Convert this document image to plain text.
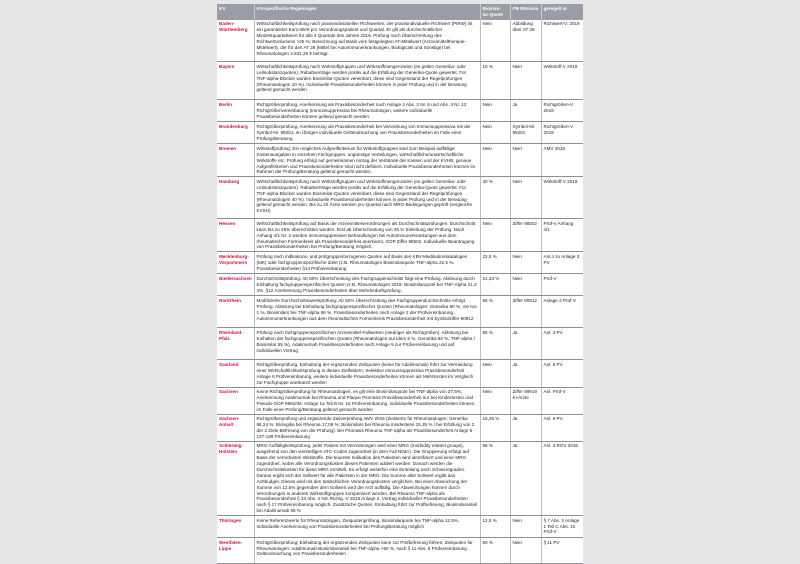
KV	KV-spezifische Regelungen	Biosimi-lar-Quote	PB Rheuma	geregelt in
Baden-Württemberg	Wirtschaftlichkeitsprüfung nach praxisindividuellen Richtwerten, der praxisindividuelle Richtwert (PIRW) ist ein garantierter Euro-Wert pro Verordnungspatient und Quartal. Er gilt als durchschnittlicher Mindestquartalswert für alle 4 Quartale des Jahres 2019. Prüfung nach Überschreitung des Richtwertvolumens >25 %; Berechnung auf Basis vom festgelegten AT-Mittelwert (Arzneimitteltherapie-Mittelwert), der für den AT 28 (Mittel bei Autoimmunerkrankungen, Biologicals und Sonstige) bei Rheumatologen 4.931,25 € beträgt.	Nein	Abbildung über AT 28	Richtwert-V. 2019
Bayern	Wirtschaftlichkeitsprüfung nach Wirkstoffgruppen und Wirkstoffmengenzielen (es gelten Generika- oder Leitsubstanzquoten). Rabattverträge werden positiv auf die Erfüllung der Generika-Quote gewertet. Für TNF-alpha-Blocker wurden Biosimilar-Quoten vereinbart, diese sind Gegenstand der Regelprüfungen (Rheumatologen 10 %). Individuelle Praxisbesonderheiten können in jeder Prüfung und in der Beratung geltend gemacht werden	10 %	Nein	Wirkstoff-V 2019
Berlin	Richtgrößenprüfung, Anerkennung als Praxisbesonderheit nach Anlage 2 Abs. 2 Nr. 6 und Abs. 3 Nr. 12 Richtgrößenvereinbarung (Immunsuppressiva bei Rheumatologen, weitere individuelle Praxisbesonderheiten können geltend gemacht werden	Nein	Ja	Richtgrößen-V 2019
Brandenburg	Richtgrößenprüfung, Anerkennung als Praxisbesonderheit bei Verordnung von Immunsuppressiva mit der Symbol-Nr. 99201, im Übrigen individuelle Geltendmachung von Praxisbesonderheiten im Falle einer Prüfung/Beratung	Nein	Symbol-Nr. 99201	Richtgrößen-V 2019
Bremen	Wirkstoffprüfung: Ein mögliches Aufgreifkriterium für Wirkstoffgruppen sind zum Beispiel auffällige Kostenausgaben in einzelnen Fachgruppen, ungünstige Verteilungen, wirtschaftliche/unwirtschaftliche Wirkstoffe etc. Prüfung erfolgt auf gemeinsamen Antrag der Verbände der Kassen und der KVHB, genaue Aufgreifkriterien und Praxisbesonderheiten sind nicht definiert. Individuelle Praxisbesonderheiten können im Rahmen der Prüfung/Beratung geltend gemacht werden.	Nein	Nein	AMV 2019
Hamburg	Wirtschaftlichkeitsprüfung nach Wirkstoffgruppen und Wirkstoffmengenzielen (es gelten Generika- oder Leitsubstanzquoten). Rabattverträge werden positiv auf die Erfüllung der Generika-Quote gewertet. Für TNF-alpha-Blocker wurden Biosimilar-Quoten vereinbart, diese sind Gegenstand der Regelprüfungen (Rheumatologen 40 %). Individuelle Praxisbesonderheiten können in jeder Prüfung und in der Beratung geltend gemacht werden. Bis zu 20 Ärzte werden pro Quartal nach MRG-Bedingungen geprüft (vergleiche KVSH)	40 %	Nein	Wirkstoff-V 2019
Hessen	Wirtschaftlichkeitsprüfung auf Basis der Arzneimittelverordnungen als Durchschnittsprüfungen. Durchschnitt kann bis zu 45% überschritten werden. Erst ab Überschreitung von 45 % Einleitung der Prüfung. Nach Anhang 4/1 Nr. 2 werden immunsuppressive Behandlungen bei Autoimmunerkrankungen aus dem rheumatischen Formenkreis als Praxisbesonderheit anerkannt, GOP Ziffer 98502. Individuelle Beantragung von Praxisbesonderheiten bei Prüfung/Beratung möglich	Nein	Ziffer 98502	Prüf-V Anhang 4/1
Mecklenburg-Vorpommern	Prüfung nach indikations- und prüfgruppenbezogenen Quoten auf Basis des KBV-Medikationskataloges (MK) oder fachgruppenspezifische Ziele (z.B. Rheumatologen Biosimilarquote TNF-alpha 22,5 %. Praxisbesonderheiten §14 Prüfvereinbarung	22,5 %	Nein	Anl.4 zu Anlage 3 PV
Niedersachsen	Durchschnittsprüfung: Ab 50% Überschreitung des Fachgruppenschnitts folgt eine Prüfung. Ablösung durch Einhaltung fachgruppenspezifischer Quoten (z.B. Rheumatologen 2019: Biosimilarquote bei TNF-Alpha 21,3 3%. §12 Anerkennung Praxisbesonderheiten über Mehrbedarfsprüfung.	21,33 %	Nein	Prüf-V
Nordrhein	Modifizierte Durchschnittswerteprüfung: Ab 50% Überschreitung des Fachgruppendurchschnitts erfolgt Prüfung. Ablösung bei Einhaltung fachgruppenspezifischer Quoten (Rheumatologen: Generika 90 %, me too 1 %, Biosimilars bei TNF-alpha 66 %. Praxisbesonderheiten nach Anlage 2 der Prüfvereinbarung , Autoimmunerkrankungen aus dem rheumatischen Formenkreis Praxisbesonderheit mit Symbolziffer 90912	66 %	Ziffer 90912	Anlage 2 Prüf-V
Rheinland-Pfalz	Prüfung nach fachgruppenspezifischen Arzneimittel-Fallwerten (niedriger als Richtgrößen). Ablösung bei Einhalten der fachgruppenspezifischen Quoten (Rheumatologen aut idem 5 %, Generika 80 %, TNF-alpha / Biosimilar 55 %), Adalimumab Praxisbesonderheiten nach Anlage 5 zur Prüfvereinbarung und auf individuellen Vortrag	55 %	Ja	Anl. 3 PV
Saarland	Richtgrößenprüfung, Einhaltung der ergänzenden Zielquoten (keine für Adalimumab) führt zur Vermeidung einer Wirtschaftlichkeitsprüfung in diesen Zielfeldern; Selektive Immunsuppressiva Praxisbesonderheit Anlage 6 Prüfvereinbarung, weitere individuelle Praxisbesonderheiten können als Mehrkosten im Vergleich zur Fachgruppe anerkannt werden	Nein	Ja	Anl. 6 PV
Sachsen	Keine Richtgrößenprüfung für Rheumatologen, es gilt eine Biosimilarquote bei TNF-alpha von 37,5%, Anerkennung Adalimumab bei Rheuma und Plaque Psoriasis Praxisbesonderheit nur bei Kinderärzten und Pseudo-GOP 99910M, Anlage 1a Teil B Nr. 16 Prüfvereinbarung, individuelle Praxisbesonderheiten können im Falle einer Prüfung/Beratung geltend gemacht werden	Nein	Ziffer 99919 Ki-Ärzte	Anl. Prüf-V
Sachsen-Anhalt	Richtgrößenprüfung und ergänzende Zielverprüfung AMV 2016 (Zielwerte für Rheumatologen: Generika 86,24 %; Biologika bei Rheuma 17,08 %; Biosimilars bei Rheuma mindestens 15,35 % / bei Erfüllung von 2 der 3 Ziele Befreiung von der Prüfung). Bei Psoriasis Rheuma TNF-alpha als Praxisbesonderheit Anlage 6 137-139 Prüfvereinbarung	15,35 %	Ja	Anl. 6 PV
Schleswig-Holstein	MRG-Auffälligkeitsprüfung, jeder Patient mit Verordnungen wird einer MRG (morbidity related groups), ausgehend von den vierstelligen ATC-Codes zugeordnet (in dem Fall N03A). Die Gruppierung erfolgt auf Basis der verordneten Wirkstoffe. Die teuerste Indikation des Patienten wird identifiziert und einer MRG zugeordnet, wobei alle Verordnungskosten dieses Patienten addiert werden. Danach werden die Durchschnittskosten für diese MRG ermittelt. Es erfolgt weiterhin eine Einteilung nach Schweregraden. Daraus ergibt sich der Sollwert für alle Patienten in der MRG. Die Summe aller Sollwert ergibt das Arztbudget. Dieses wird mit den tatsächlichen Verordnungskosten verglichen. Bei einer Abweichung der Summe von 12,5% gegenüber dem Sollwert wird der Arzt auffällig. Die Abweichungen können durch Verordnungen in anderen Wirkstoffgruppen kompensiert werden. Bei Rheuma TNF-alpha als Praxisbesonderheit § 33 Abs. 4 Nm Richtg.-V 2016 Anlage 2, Vortrag individueller Praxisbesonderheiten nach § 17 Prüfvereinbarung möglich. Zusätzliche Quoten, Einhaltung führt zur Prüfbefreiung, Biosimilaranteil bei Adalimumab 66 %	66 %	Ja	Anl. 3 RGV 2016
Thüringen	Keine Referenzwerte für Rheumatologen, Zielquotenprüfung, Biosimilarquote bei TNF-alpha 12,5%, Individuelle Anerkennung von Praxisbesonderheiten bei Prüfung/Beratung möglich	12,5 %	Nein	§ 7 Abs. 3 Anlage 1 Teil C Abs. 10 Prüf-V
Westfalen-Lippe	Richtgrößenprüfung; Einhaltung der ergänzenden Zielquoten kann zur Prüfbefreiung führen, Zielquoten für Rheumatologen: Adalimumab-Biosimilaranteil bei TNF-alpha >50 %, nach § 11 Abs. 6 Prüfvereinbarung Geltendmachung von Praxisbesonderheiten	50 %	Nein	§ 11 PV
